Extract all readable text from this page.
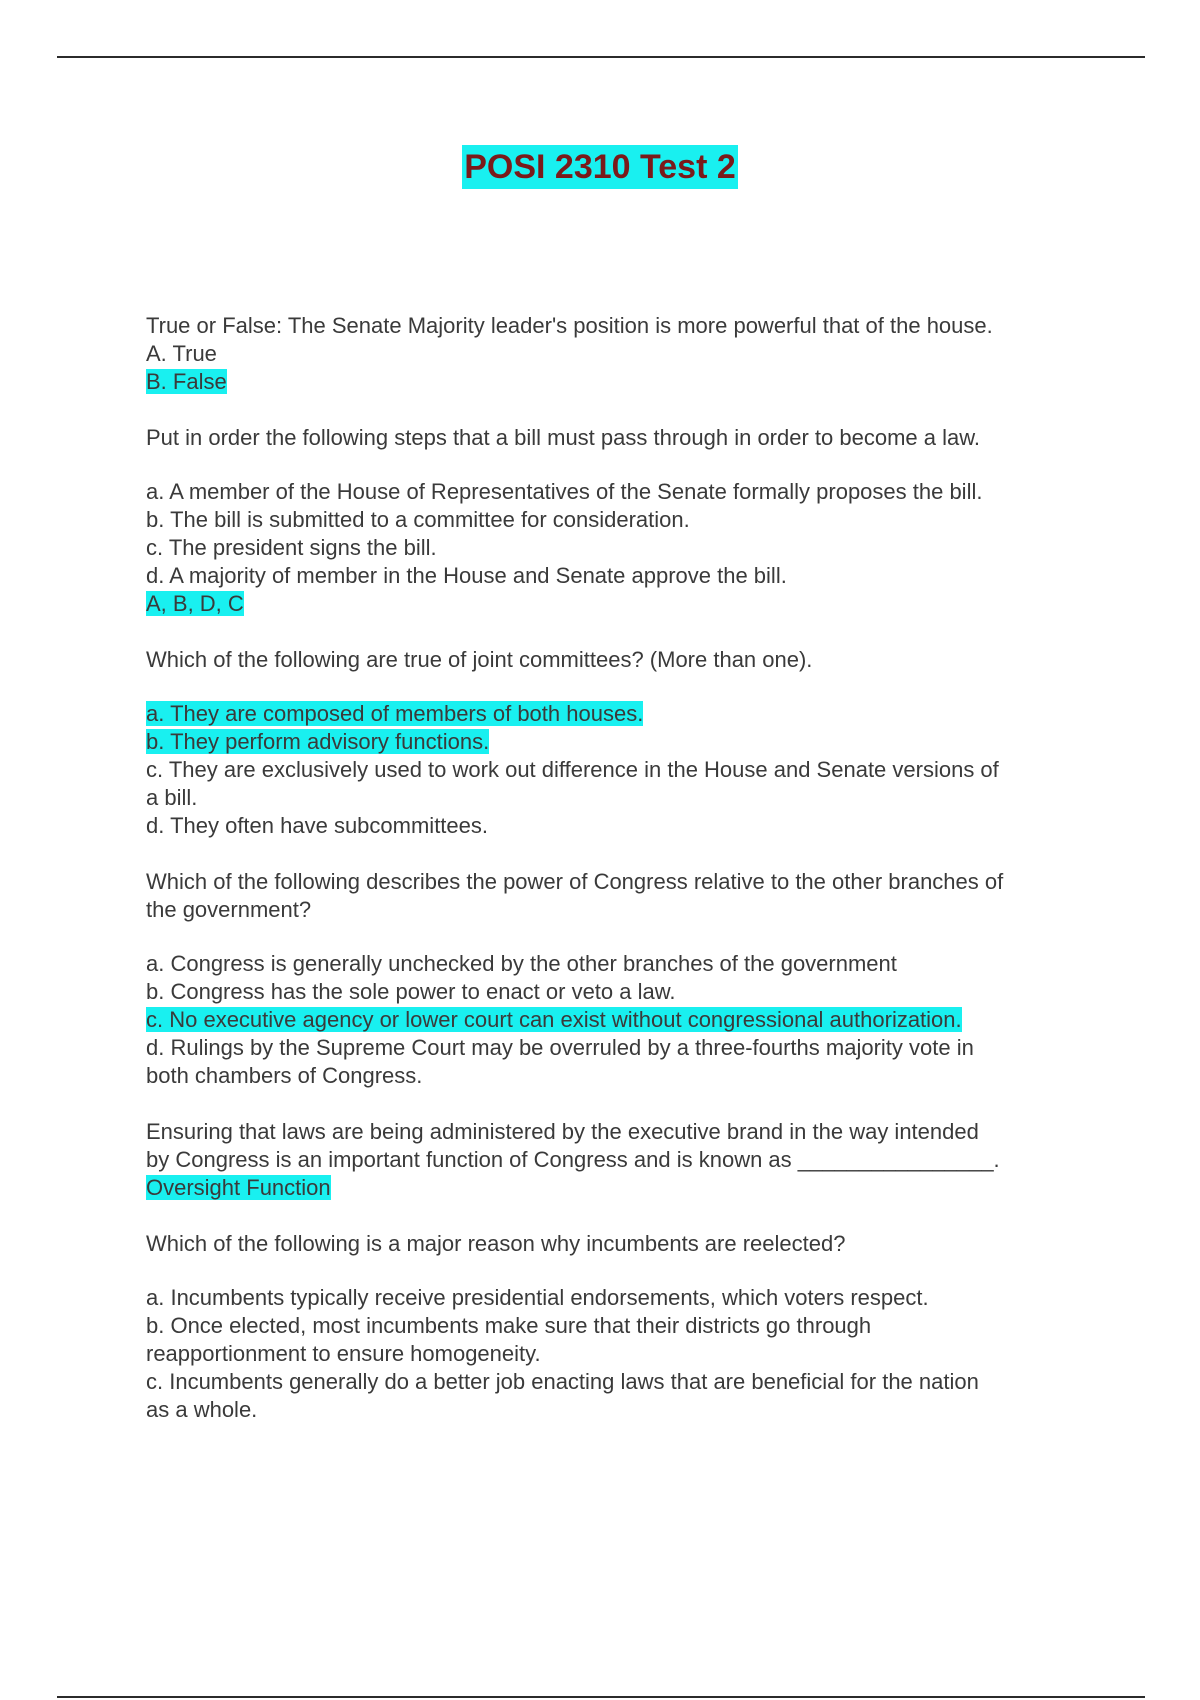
POSI 2310 Test 2
True or False: The Senate Majority leader's position is more powerful that of the house.
A. True
B. False
Put in order the following steps that a bill must pass through in order to become a law.
a. A member of the House of Representatives of the Senate formally proposes the bill.
b. The bill is submitted to a committee for consideration.
c. The president signs the bill.
d. A majority of member in the House and Senate approve the bill.
A, B, D, C
Which of the following are true of joint committees? (More than one).
a. They are composed of members of both houses.
b. They perform advisory functions.
c. They are exclusively used to work out difference in the House and Senate versions of
a bill.
d. They often have subcommittees.
Which of the following describes the power of Congress relative to the other branches of
the government?
a. Congress is generally unchecked by the other branches of the government
b. Congress has the sole power to enact or veto a law.
c. No executive agency or lower court can exist without congressional authorization.
d. Rulings by the Supreme Court may be overruled by a three-fourths majority vote in
both chambers of Congress.
Ensuring that laws are being administered by the executive brand in the way intended
by Congress is an important function of Congress and is known as ________________.
Oversight Function
Which of the following is a major reason why incumbents are reelected?
a. Incumbents typically receive presidential endorsements, which voters respect.
b. Once elected, most incumbents make sure that their districts go through
reapportionment to ensure homogeneity.
c. Incumbents generally do a better job enacting laws that are beneficial for the nation
as a whole.
